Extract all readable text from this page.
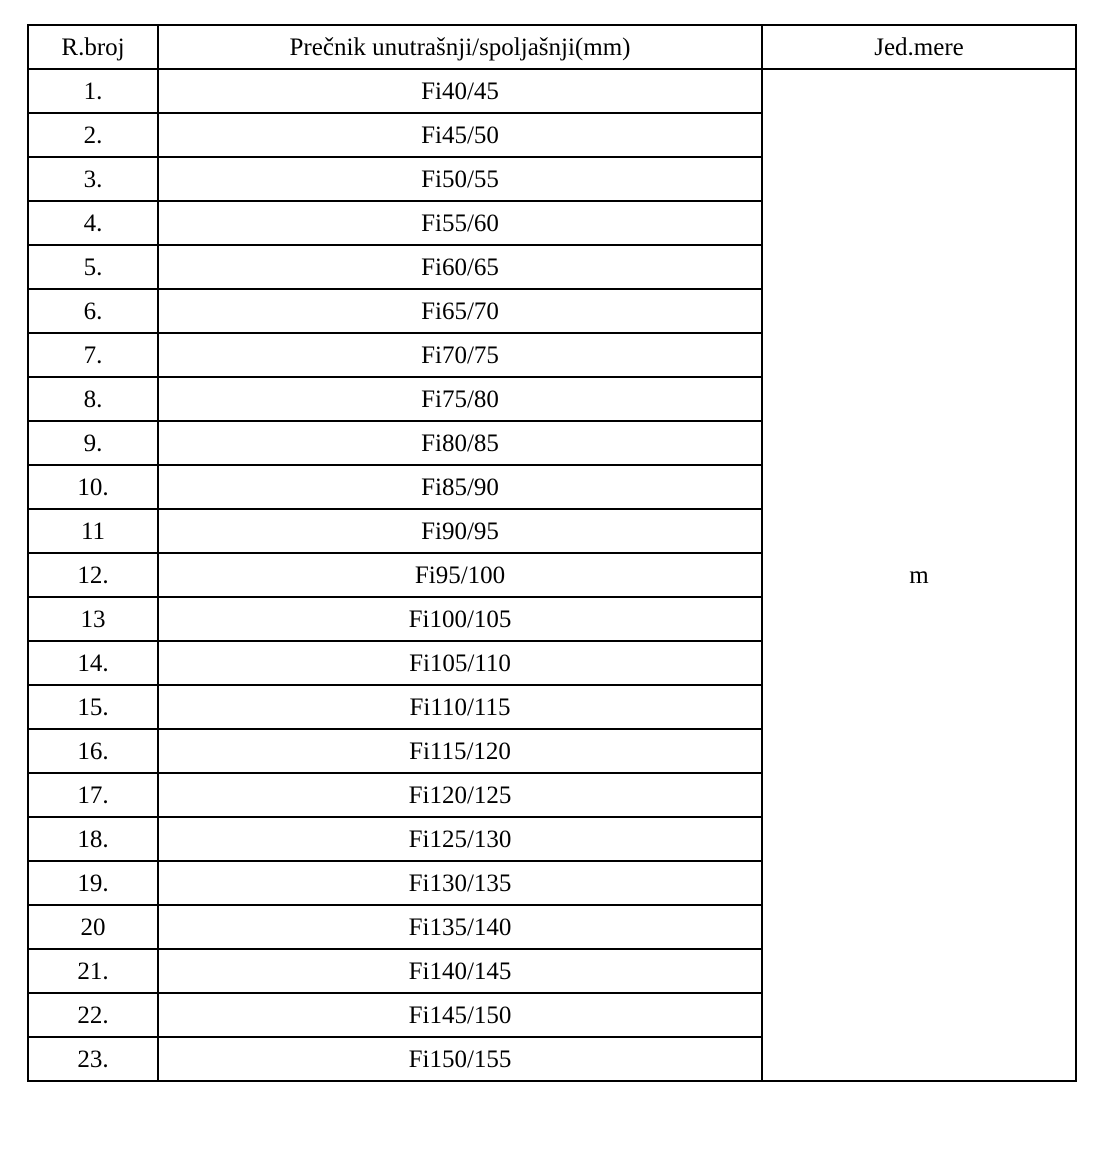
R.broj	Prečnik unutrašnji/spoljašnji(mm)	Jed.mere
1.	Fi40/45	m
2.	Fi45/50	
3.	Fi50/55	
4.	Fi55/60	
5.	Fi60/65	
6.	Fi65/70	
7.	Fi70/75	
8.	Fi75/80	
9.	Fi80/85	
10.	Fi85/90	
11	Fi90/95	
12.	Fi95/100	
13	Fi100/105	
14.	Fi105/110	
15.	Fi110/115	
16.	Fi115/120	
17.	Fi120/125	
18.	Fi125/130	
19.	Fi130/135	
20	Fi135/140	
21.	Fi140/145	
22.	Fi145/150	
23.	Fi150/155	
